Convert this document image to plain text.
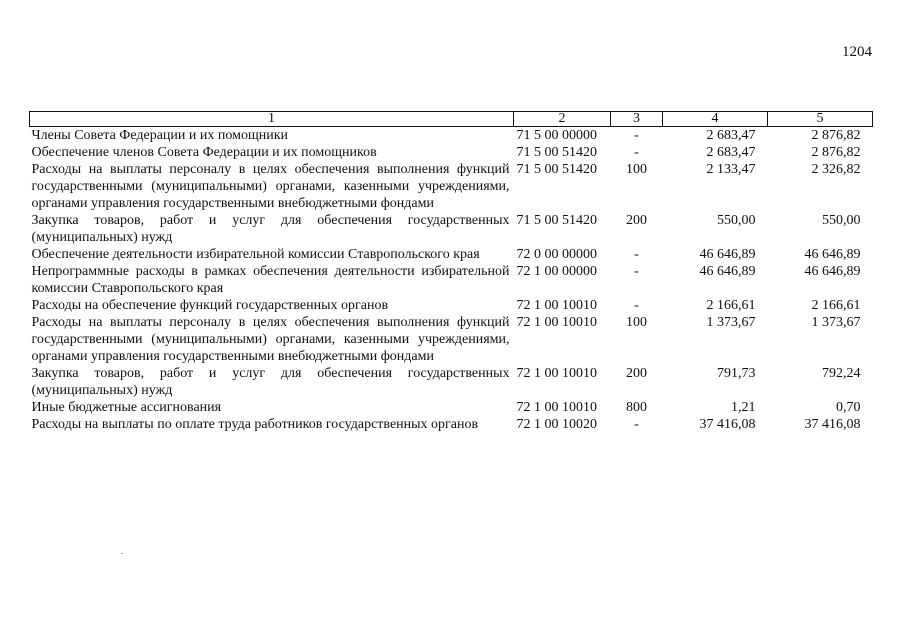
1204
1	2	3	4	5
Члены Совета Федерации и их помощники	71 5 00 00000	-	2 683,47	2 876,82
Обеспечение членов Совета Федерации и их помощников	71 5 00 51420	-	2 683,47	2 876,82
Расходы на выплаты персоналу в целях обеспечения выполнения функций государственными (муниципальными) органами, казенными учреждениями, органами управления государственными внебюджетными фондами	71 5 00 51420	100	2 133,47	2 326,82
Закупка товаров, работ и услуг для обеспечения государственных (муниципальных) нужд	71 5 00 51420	200	550,00	550,00
Обеспечение деятельности избирательной комиссии Ставропольского края	72 0 00 00000	-	46 646,89	46 646,89
Непрограммные расходы в рамках обеспечения деятельности избирательной комиссии Ставропольского края	72 1 00 00000	-	46 646,89	46 646,89
Расходы на обеспечение функций государственных органов	72 1 00 10010	-	2 166,61	2 166,61
Расходы на выплаты персоналу в целях обеспечения выполнения функций государственными (муниципальными) органами, казенными учреждениями, органами управления государственными внебюджетными фондами	72 1 00 10010	100	1 373,67	1 373,67
Закупка товаров, работ и услуг для обеспечения государственных (муниципальных) нужд	72 1 00 10010	200	791,73	792,24
Иные бюджетные ассигнования	72 1 00 10010	800	1,21	0,70
Расходы на выплаты по оплате труда работников государственных органов	72 1 00 10020	-	37 416,08	37 416,08
